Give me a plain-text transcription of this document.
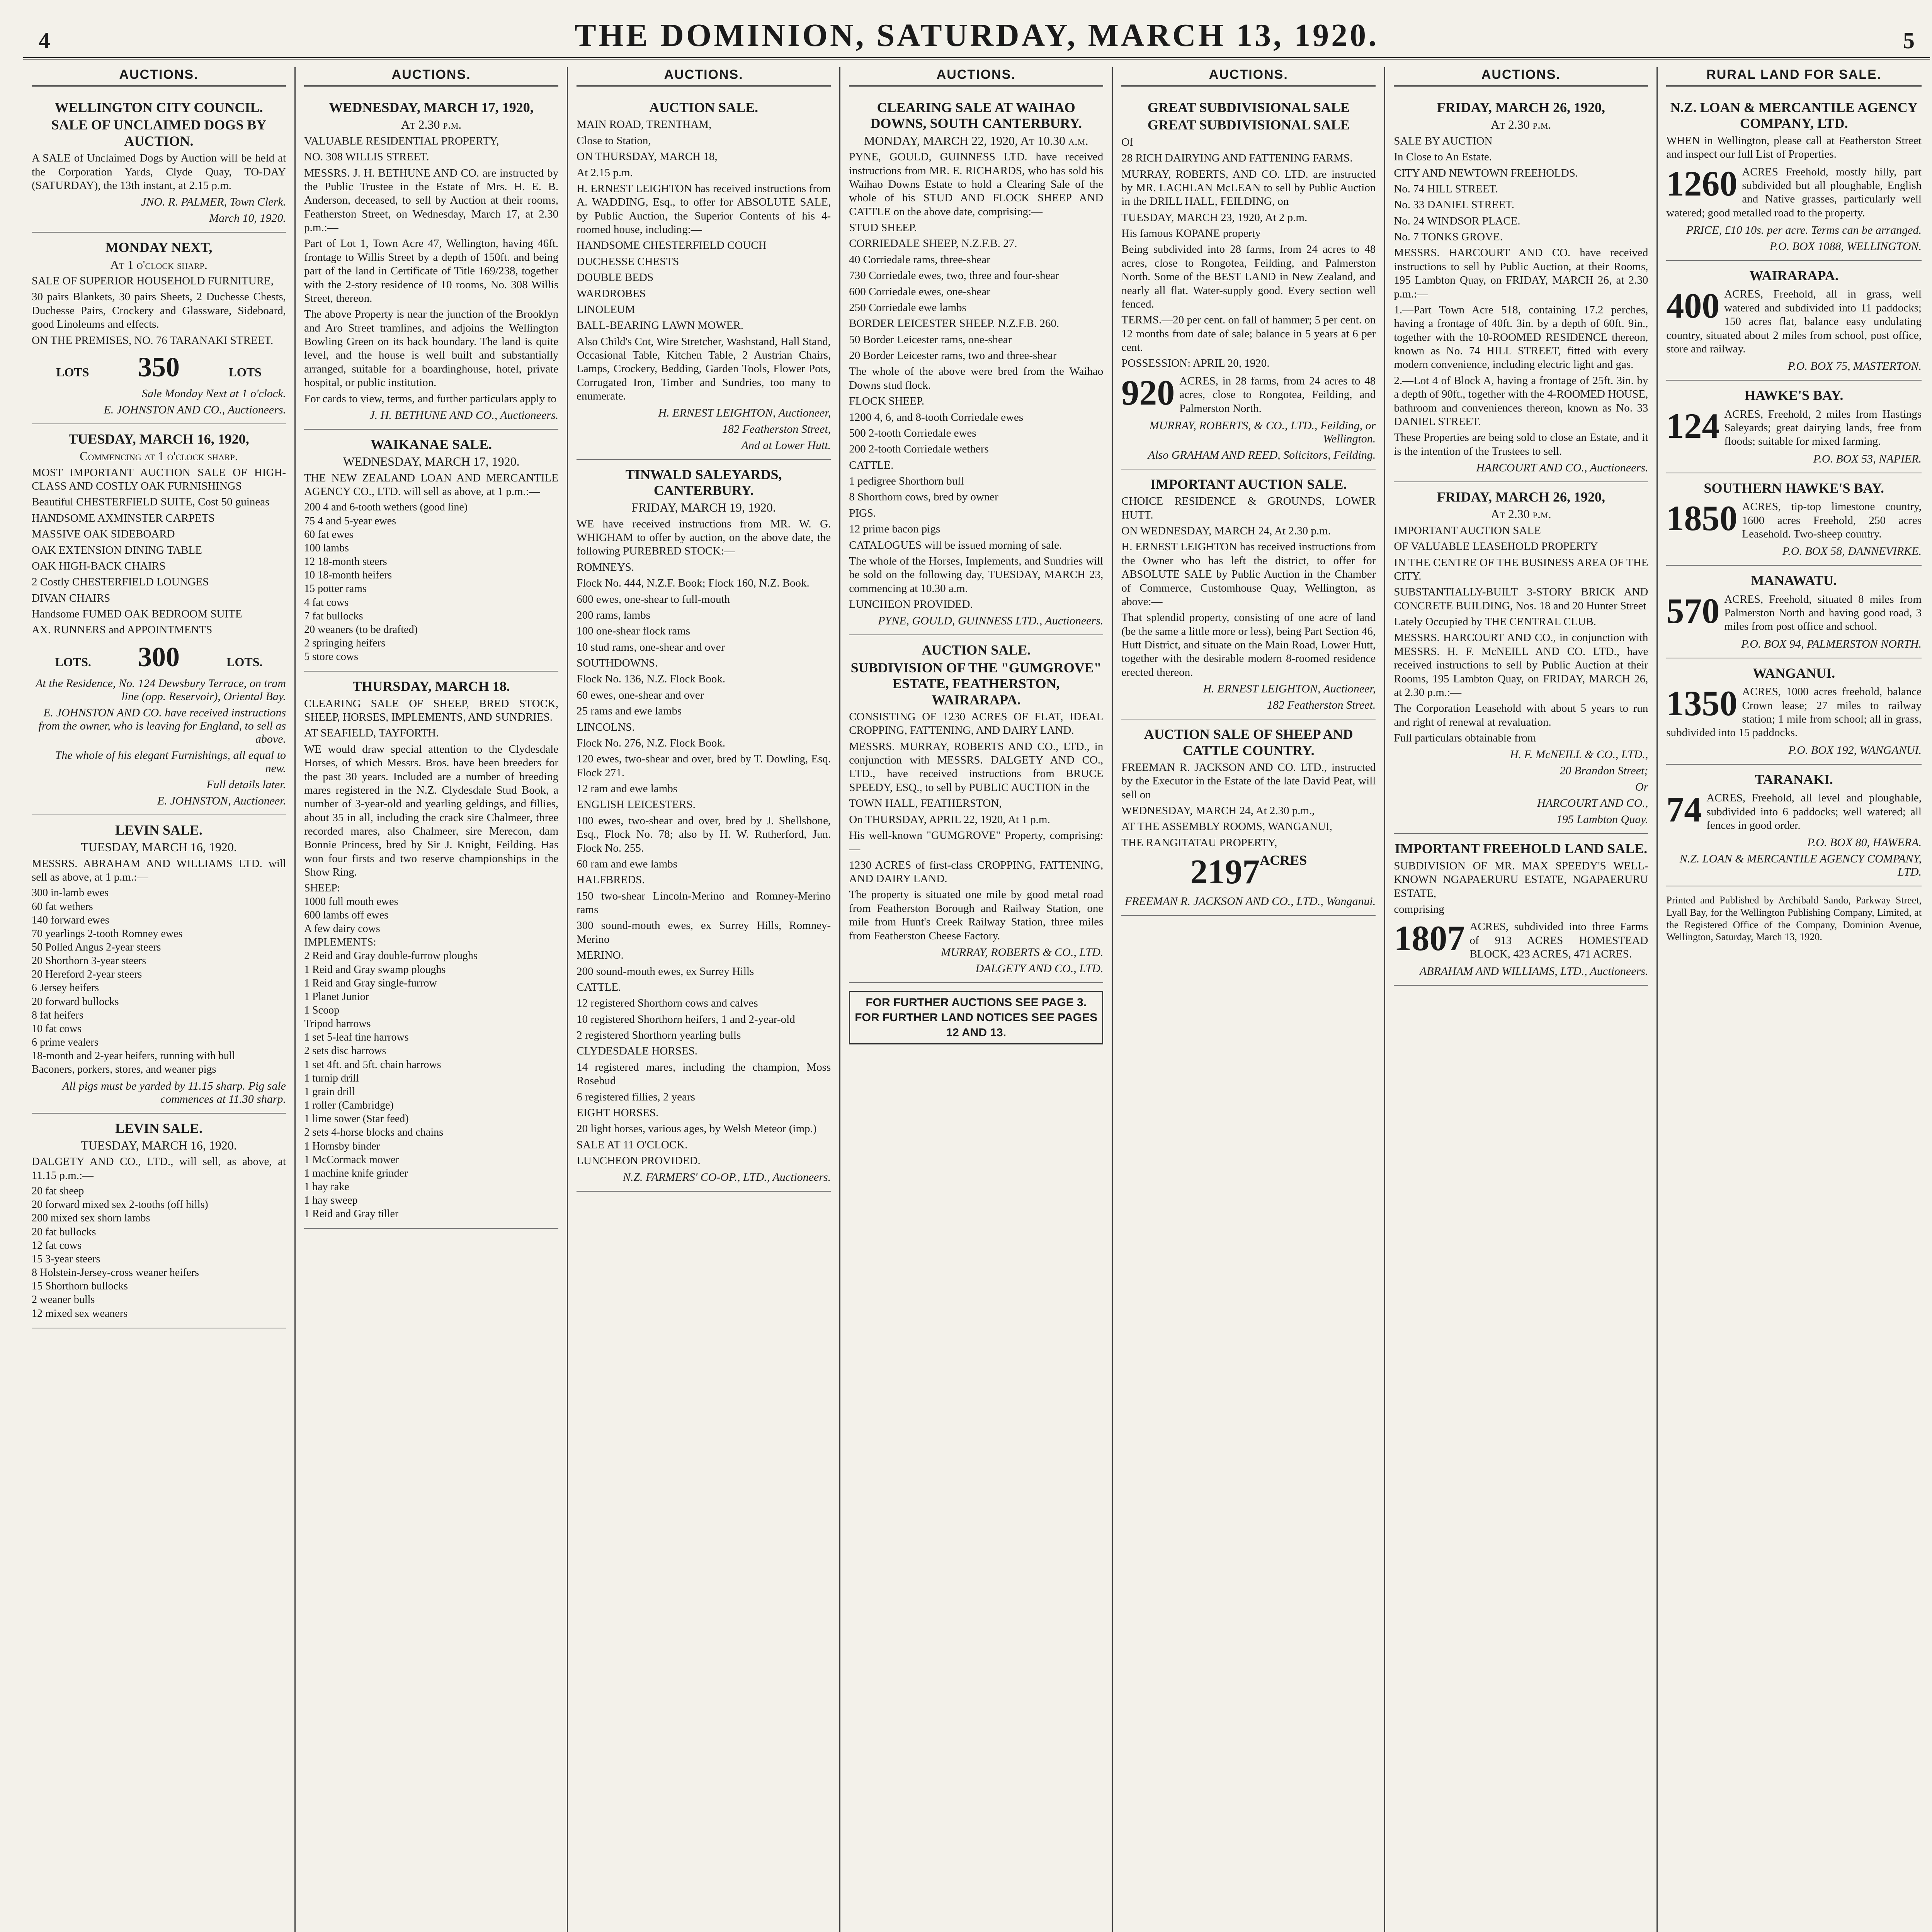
4	THE DOMINION, SATURDAY, MARCH 13, 1920.	5
AUCTIONS.
WELLINGTON CITY COUNCIL.
SALE OF UNCLAIMED DOGS BY AUCTION.
A SALE of Unclaimed Dogs by Auction will be held at the Corporation Yards, Clyde Quay, TO-DAY (SATURDAY), the 13th instant, at 2.15 p.m.
JNO. R. PALMER, Town Clerk.
March 10, 1920.
MONDAY NEXT,
At 1 o'clock sharp.
SALE OF SUPERIOR HOUSEHOLD FURNITURE,
30 pairs Blankets, 30 pairs Sheets, 2 Duchesse Chests, Duchesse Pairs, Crockery and Glassware, Sideboard, good Linoleums and effects.
ON THE PREMISES, NO. 76 TARANAKI STREET.
LOTS 350	LOTS
Sale Monday Next at 1 o'clock.
E. JOHNSTON AND CO., Auctioneers.
TUESDAY, MARCH 16, 1920,
Commencing at 1 o'clock sharp.
MOST IMPORTANT AUCTION SALE OF HIGH-CLASS AND COSTLY OAK FURNISHINGS
Beautiful CHESTERFIELD SUITE, Cost 50 guineas
HANDSOME AXMINSTER CARPETS
MASSIVE OAK SIDEBOARD
OAK EXTENSION DINING TABLE
OAK HIGH-BACK CHAIRS
2 Costly CHESTERFIELD LOUNGES
DIVAN CHAIRS
Handsome FUMED OAK BEDROOM SUITE
AX. RUNNERS and APPOINTMENTS
LOTS. 300	LOTS.
At the Residence, No. 124 Dewsbury Terrace, on tram line (opp. Reservoir), Oriental Bay.
E. JOHNSTON AND CO. have received instructions from the owner, who is leaving for England, to sell as above.
The whole of his elegant Furnishings, all equal to new.
Full details later.
E. JOHNSTON, Auctioneer.
LEVIN SALE.
TUESDAY, MARCH 16, 1920.
MESSRS. ABRAHAM AND WILLIAMS LTD. will sell as above, at 1 p.m.:—
300 in-lamb ewes
60 fat wethers
140 forward ewes
70 yearlings 2-tooth Romney ewes
50 Polled Angus 2-year steers
20 Shorthorn 3-year steers
20 Hereford 2-year steers
6 Jersey heifers
20 forward bullocks
8 fat heifers
10 fat cows
6 prime vealers
18-month and 2-year heifers, running with bull
Baconers, porkers, stores, and weaner pigs
All pigs must be yarded by 11.15 sharp. Pig sale commences at 11.30 sharp.
LEVIN SALE.
TUESDAY, MARCH 16, 1920.
DALGETY AND CO., LTD., will sell, as above, at 11.15 p.m.:—
20 fat sheep
20 forward mixed sex 2-tooths (off hills)
200 mixed sex shorn lambs
20 fat bullocks
12 fat cows
15 3-year steers
8 Holstein-Jersey-cross weaner heifers
15 Shorthorn bullocks
2 weaner bulls
12 mixed sex weaners
AUCTIONS.
WEDNESDAY, MARCH 17, 1920,
At 2.30 p.m.
VALUABLE RESIDENTIAL PROPERTY,
NO. 308 WILLIS STREET.
MESSRS. J. H. BETHUNE AND CO. are instructed by the Public Trustee in the Estate of Mrs. H. E. B. Anderson, deceased, to sell by Auction at their rooms, Featherston Street, on Wednesday, March 17, at 2.30 p.m.:—
Part of Lot 1, Town Acre 47, Wellington, having 46ft. frontage to Willis Street by a depth of 150ft. and being part of the land in Certificate of Title 169/238, together with the 2-story residence of 10 rooms, No. 308 Willis Street, thereon.
The above Property is near the junction of the Brooklyn and Aro Street tramlines, and adjoins the Wellington Bowling Green on its back boundary. The land is quite level, and the house is well built and substantially arranged, suitable for a boardinghouse, hotel, private hospital, or public institution.
For cards to view, terms, and further particulars apply to
J. H. BETHUNE AND CO., Auctioneers.
WAIKANAE SALE.
WEDNESDAY, MARCH 17, 1920.
THE NEW ZEALAND LOAN AND MERCANTILE AGENCY CO., LTD. will sell as above, at 1 p.m.:—
200 4 and 6-tooth wethers (good line)
75 4 and 5-year ewes
60 fat ewes
100 lambs
12 18-month steers
10 18-month heifers
15 potter rams
4 fat cows
7 fat bullocks
20 weaners (to be drafted)
2 springing heifers
5 store cows
THURSDAY, MARCH 18.
CLEARING SALE OF SHEEP, BRED STOCK, SHEEP, HORSES, IMPLEMENTS, AND SUNDRIES.
AT SEAFIELD, TAYFORTH.
WE would draw special attention to the Clydesdale Horses, of which Messrs. Bros. have been breeders for the past 30 years. Included are a number of breeding mares registered in the N.Z. Clydesdale Stud Book, a number of 3-year-old and yearling geldings, and fillies, about 35 in all, including the crack sire Chalmeer, three recorded mares, also Chalmeer, sire Merecon, dam Bonnie Princess, bred by Sir J. Knight, Feilding. Has won four firsts and two reserve championships in the Show Ring.
SHEEP:
1000 full mouth ewes
600 lambs off ewes
A few dairy cows
IMPLEMENTS:
2 Reid and Gray double-furrow ploughs
1 Reid and Gray swamp ploughs
1 Reid and Gray single-furrow
1 Planet Junior
1 Scoop
Tripod harrows
1 set 5-leaf tine harrows
2 sets disc harrows
1 set 4ft. and 5ft. chain harrows
1 turnip drill
1 grain drill
1 roller (Cambridge)
1 lime sower (Star feed)
2 sets 4-horse blocks and chains
1 Hornsby binder
1 McCormack mower
1 machine knife grinder
1 hay rake
1 hay sweep
1 Reid and Gray tiller
AUCTIONS.
AUCTION SALE.
MAIN ROAD, TRENTHAM,
Close to Station,
ON THURSDAY, MARCH 18,
At 2.15 p.m.
H. ERNEST LEIGHTON has received instructions from A. WADDING, Esq., to offer for ABSOLUTE SALE, by Public Auction, the Superior Contents of his 4-roomed house, including:—
HANDSOME CHESTERFIELD COUCH
DUCHESSE CHESTS
DOUBLE BEDS
WARDROBES
LINOLEUM
BALL-BEARING LAWN MOWER.
Also Child's Cot, Wire Stretcher, Washstand, Hall Stand, Occasional Table, Kitchen Table, 2 Austrian Chairs, Lamps, Crockery, Bedding, Garden Tools, Flower Pots, Corrugated Iron, Timber and Sundries, too many to enumerate.
H. ERNEST LEIGHTON, Auctioneer,
182 Featherston Street,
And at Lower Hutt.
TINWALD SALEYARDS, CANTERBURY.
FRIDAY, MARCH 19, 1920.
WE have received instructions from MR. W. G. WHIGHAM to offer by auction, on the above date, the following PUREBRED STOCK:—
ROMNEYS.
Flock No. 444, N.Z.F. Book; Flock 160, N.Z. Book.
600 ewes, one-shear to full-mouth
200 rams, lambs
100 one-shear flock rams
10 stud rams, one-shear and over
SOUTHDOWNS.
Flock No. 136, N.Z. Flock Book.
60 ewes, one-shear and over
25 rams and ewe lambs
LINCOLNS.
Flock No. 276, N.Z. Flock Book.
120 ewes, two-shear and over, bred by T. Dowling, Esq. Flock 271.
12 ram and ewe lambs
ENGLISH LEICESTERS.
100 ewes, two-shear and over, bred by J. Shellsbone, Esq., Flock No. 78; also by H. W. Rutherford, Jun. Flock No. 255.
60 ram and ewe lambs
HALFBREDS.
150 two-shear Lincoln-Merino and Romney-Merino rams
300 sound-mouth ewes, ex Surrey Hills, Romney-Merino
MERINO.
200 sound-mouth ewes, ex Surrey Hills
CATTLE.
12 registered Shorthorn cows and calves
10 registered Shorthorn heifers, 1 and 2-year-old
2 registered Shorthorn yearling bulls
CLYDESDALE HORSES.
14 registered mares, including the champion, Moss Rosebud
6 registered fillies, 2 years
EIGHT HORSES.
20 light horses, various ages, by Welsh Meteor (imp.)
SALE AT 11 O'CLOCK.
LUNCHEON PROVIDED.
N.Z. FARMERS' CO-OP., LTD., Auctioneers.
AUCTIONS.
CLEARING SALE AT WAIHAO DOWNS, SOUTH CANTERBURY.
MONDAY, MARCH 22, 1920, At 10.30 a.m.
PYNE, GOULD, GUINNESS LTD. have received instructions from MR. E. RICHARDS, who has sold his Waihao Downs Estate to hold a Clearing Sale of the whole of his STUD AND FLOCK SHEEP AND CATTLE on the above date, comprising:—
STUD SHEEP.
CORRIEDALE SHEEP, N.Z.F.B. 27.
40 Corriedale rams, three-shear
730 Corriedale ewes, two, three and four-shear
600 Corriedale ewes, one-shear
250 Corriedale ewe lambs
BORDER LEICESTER SHEEP. N.Z.F.B. 260.
50 Border Leicester rams, one-shear
20 Border Leicester rams, two and three-shear
The whole of the above were bred from the Waihao Downs stud flock.
FLOCK SHEEP.
1200 4, 6, and 8-tooth Corriedale ewes
500 2-tooth Corriedale ewes
200 2-tooth Corriedale wethers
CATTLE.
1 pedigree Shorthorn bull
8 Shorthorn cows, bred by owner
PIGS.
12 prime bacon pigs
CATALOGUES will be issued morning of sale.
The whole of the Horses, Implements, and Sundries will be sold on the following day, TUESDAY, MARCH 23, commencing at 10.30 a.m.
LUNCHEON PROVIDED.
PYNE, GOULD, GUINNESS LTD., Auctioneers.
AUCTION SALE.
SUBDIVISION OF THE "GUMGROVE" ESTATE, FEATHERSTON, WAIRARAPA.
CONSISTING OF 1230 ACRES OF FLAT, IDEAL CROPPING, FATTENING, AND DAIRY LAND.
MESSRS. MURRAY, ROBERTS AND CO., LTD., in conjunction with MESSRS. DALGETY AND CO., LTD., have received instructions from BRUCE SPEEDY, ESQ., to sell by PUBLIC AUCTION in the
TOWN HALL, FEATHERSTON,
On THURSDAY, APRIL 22, 1920, At 1 p.m.
His well-known "GUMGROVE" Property, comprising:—
1230 ACRES of first-class CROPPING, FATTENING, AND DAIRY LAND.
The property is situated one mile by good metal road from Featherston Borough and Railway Station, one mile from Hunt's Creek Railway Station, three miles from Featherston Cheese Factory.
MURRAY, ROBERTS & CO., LTD.
DALGETY AND CO., LTD.
FOR FURTHER AUCTIONS SEE PAGE 3.
FOR FURTHER LAND NOTICES SEE PAGES 12 AND 13.
AUCTIONS.
GREAT SUBDIVISIONAL SALE
GREAT SUBDIVISIONAL SALE
Of
28 RICH DAIRYING AND FATTENING FARMS.
MURRAY, ROBERTS, AND CO. LTD. are instructed by MR. LACHLAN McLEAN to sell by Public Auction in the DRILL HALL, FEILDING, on
TUESDAY, MARCH 23, 1920, At 2 p.m.
His famous KOPANE property
Being subdivided into 28 farms, from 24 acres to 48 acres, close to Rongotea, Feilding, and Palmerston North. Some of the BEST LAND in New Zealand, and nearly all flat. Water-supply good. Every section well fenced.
TERMS.—20 per cent. on fall of hammer; 5 per cent. on 12 months from date of sale; balance in 5 years at 6 per cent.
POSSESSION: APRIL 20, 1920.
920 ACRES, in 28 farms, from 24 acres to 48 acres, close to Rongotea, Feilding, and Palmerston North.
MURRAY, ROBERTS, & CO., LTD., Feilding, or Wellington.
Also GRAHAM AND REED, Solicitors, Feilding.
IMPORTANT AUCTION SALE.
CHOICE RESIDENCE & GROUNDS, LOWER HUTT.
ON WEDNESDAY, MARCH 24, At 2.30 p.m.
H. ERNEST LEIGHTON has received instructions from the Owner who has left the district, to offer for ABSOLUTE SALE by Public Auction in the Chamber of Commerce, Customhouse Quay, Wellington, as above:—
That splendid property, consisting of one acre of land (be the same a little more or less), being Part Section 46, Hutt District, and situate on the Main Road, Lower Hutt, together with the desirable modern 8-roomed residence erected thereon.
H. ERNEST LEIGHTON, Auctioneer,
182 Featherston Street.
AUCTION SALE OF SHEEP AND CATTLE COUNTRY.
FREEMAN R. JACKSON AND CO. LTD., instructed by the Executor in the Estate of the late David Peat, will sell on
WEDNESDAY, MARCH 24, At 2.30 p.m.,
AT THE ASSEMBLY ROOMS, WANGANUI,
THE RANGITATAU PROPERTY,
$2197^{ACRES}$
FREEMAN R. JACKSON AND CO., LTD., Wanganui.
AUCTIONS.
FRIDAY, MARCH 26, 1920,
At 2.30 p.m.
SALE BY AUCTION
In Close to An Estate.
CITY AND NEWTOWN FREEHOLDS.
No. 74 HILL STREET.
No. 33 DANIEL STREET.
No. 24 WINDSOR PLACE.
No. 7 TONKS GROVE.
MESSRS. HARCOURT AND CO. have received instructions to sell by Public Auction, at their Rooms, 195 Lambton Quay, on FRIDAY, MARCH 26, at 2.30 p.m.:—
1.—Part Town Acre 518, containing 17.2 perches, having a frontage of 40ft. 3in. by a depth of 60ft. 9in., together with the 10-ROOMED RESIDENCE thereon, known as No. 74 HILL STREET, fitted with every modern convenience, including electric light and gas.
2.—Lot 4 of Block A, having a frontage of 25ft. 3in. by a depth of 90ft., together with the 4-ROOMED HOUSE, bathroom and conveniences thereon, known as No. 33 DANIEL STREET.
These Properties are being sold to close an Estate, and it is the intention of the Trustees to sell.
HARCOURT AND CO., Auctioneers.
FRIDAY, MARCH 26, 1920,
At 2.30 p.m.
IMPORTANT AUCTION SALE
OF VALUABLE LEASEHOLD PROPERTY
IN THE CENTRE OF THE BUSINESS AREA OF THE CITY.
SUBSTANTIALLY-BUILT 3-STORY BRICK AND CONCRETE BUILDING, Nos. 18 and 20 Hunter Street
Lately Occupied by THE CENTRAL CLUB.
MESSRS. HARCOURT AND CO., in conjunction with MESSRS. H. F. McNEILL AND CO. LTD., have received instructions to sell by Public Auction at their Rooms, 195 Lambton Quay, on FRIDAY, MARCH 26, at 2.30 p.m.:—
The Corporation Leasehold with about 5 years to run and right of renewal at revaluation.
Full particulars obtainable from
H. F. McNEILL & CO., LTD.,
20 Brandon Street;
Or
HARCOURT AND CO.,
195 Lambton Quay.
IMPORTANT FREEHOLD LAND SALE.
SUBDIVISION OF MR. MAX SPEEDY'S WELL-KNOWN NGAPAERURU ESTATE, NGAPAERURU ESTATE,
comprising
1807 ACRES, subdivided into three Farms of 913 ACRES HOMESTEAD BLOCK, 423 ACRES, 471 ACRES.
ABRAHAM AND WILLIAMS, LTD., Auctioneers.
RURAL LAND FOR SALE.
N.Z. LOAN & MERCANTILE AGENCY COMPANY, LTD.
WHEN in Wellington, please call at Featherston Street and inspect our full List of Properties.
1260 ACRES Freehold, mostly hilly, part subdivided but all ploughable, English and Native grasses, particularly well watered; good metalled road to the property.
PRICE, £10 10s. per acre. Terms can be arranged.
P.O. BOX 1088, WELLINGTON.
WAIRARAPA.
400 ACRES, Freehold, all in grass, well watered and subdivided into 11 paddocks; 150 acres flat, balance easy undulating country, situated about 2 miles from school, post office, store and railway.
P.O. BOX 75, MASTERTON.
HAWKE'S BAY.
124 ACRES, Freehold, 2 miles from Hastings Saleyards; great dairying lands, free from floods; suitable for mixed farming.
P.O. BOX 53, NAPIER.
SOUTHERN HAWKE'S BAY.
1850 ACRES, tip-top limestone country, 1600 acres Freehold, 250 acres Leasehold. Two-sheep country.
P.O. BOX 58, DANNEVIRKE.
MANAWATU.
570 ACRES, Freehold, situated 8 miles from Palmerston North and having good road, 3 miles from post office and school.
P.O. BOX 94, PALMERSTON NORTH.
WANGANUI.
1350 ACRES, 1000 acres freehold, balance Crown lease; 27 miles to railway station; 1 mile from school; all in grass, subdivided into 15 paddocks.
P.O. BOX 192, WANGANUI.
TARANAKI.
74 ACRES, Freehold, all level and ploughable, subdivided into 6 paddocks; well watered; all fences in good order.
P.O. BOX 80, HAWERA.
N.Z. LOAN & MERCANTILE AGENCY COMPANY, LTD.
Printed and Published by Archibald Sando, Parkway Street, Lyall Bay, for the Wellington Publishing Company, Limited, at the Registered Office of the Company, Dominion Avenue, Wellington, Saturday, March 13, 1920.
